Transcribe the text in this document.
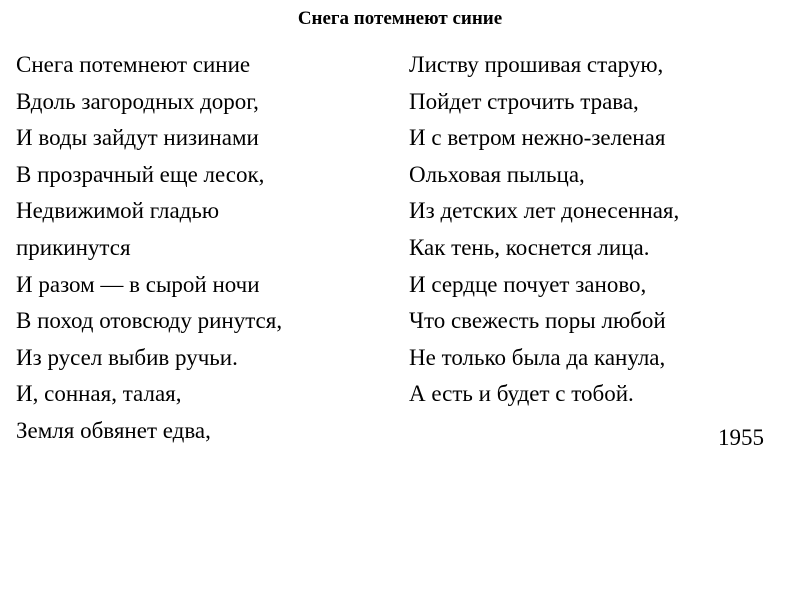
Снега потемнеют синие
Снега потемнеют синие
Вдоль загородных дорог,
И воды зайдут низинами
В прозрачный еще лесок,
Недвижимой гладью
прикинутся
И разом — в сырой ночи
В поход отовсюду ринутся,
Из русел выбив ручьи.
И, сонная, талая,
Земля обвянет едва,
Листву прошивая старую,
Пойдет строчить трава,
И с ветром нежно-зеленая
Ольховая пыльца,
Из детских лет донесенная,
Как тень, коснется лица.
И сердце почует заново,
Что свежесть поры любой
Не только была да канула,
А есть и будет с тобой.
1955
